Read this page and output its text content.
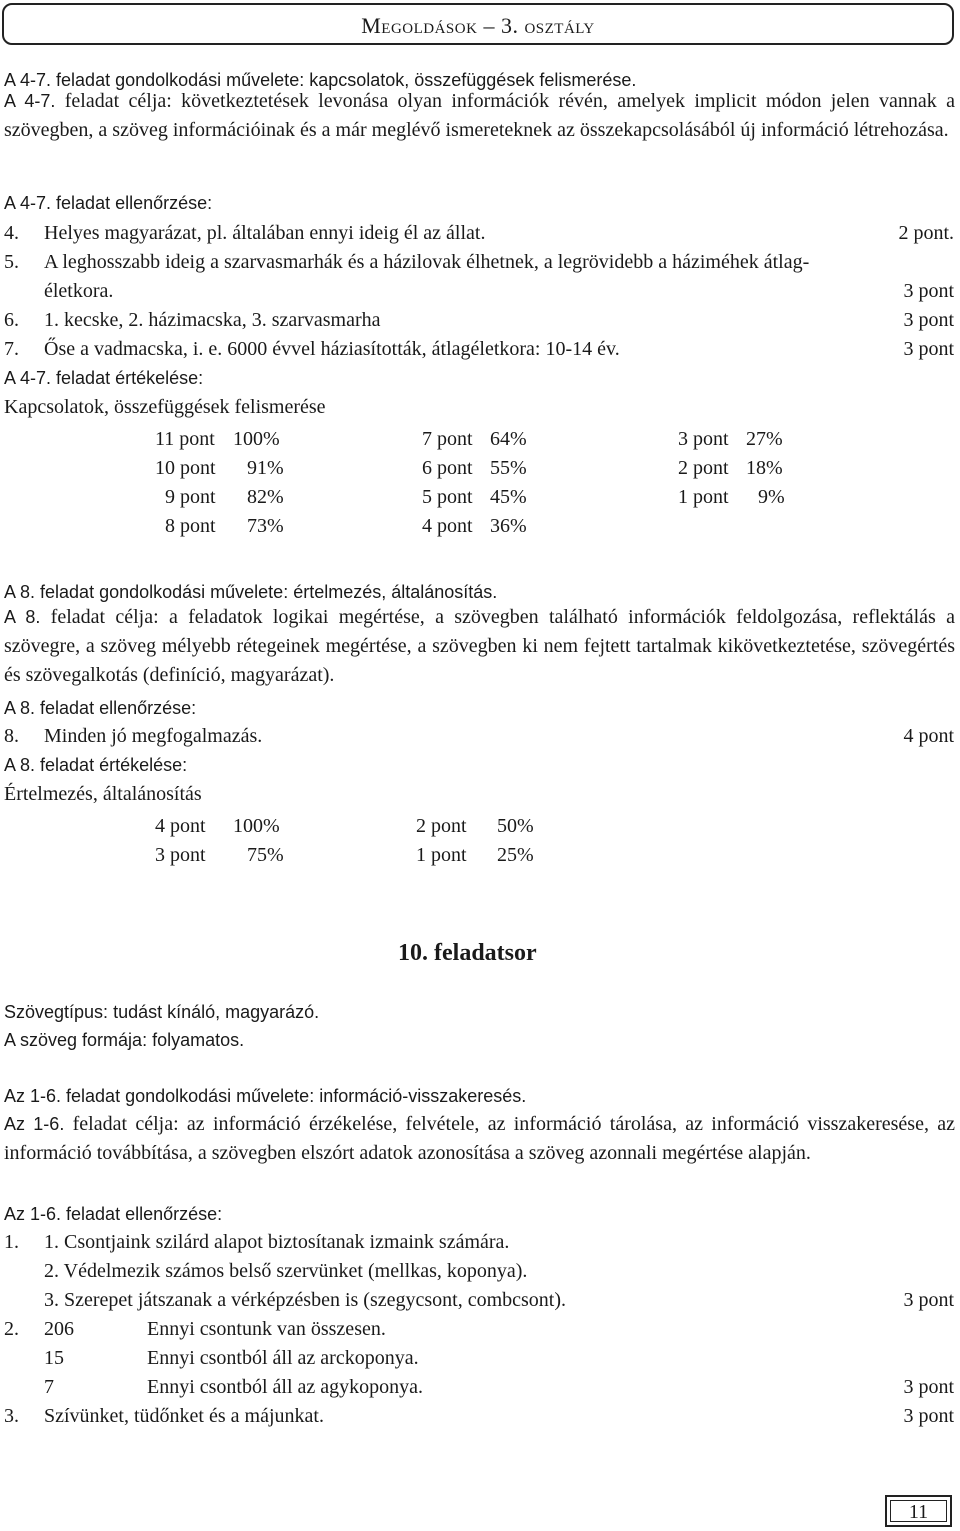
Megoldások – 3. osztály
A 4-7. feladat gondolkodási művelete: kapcsolatok, összefüggések felismerése.
A 4-7. feladat célja: következtetések levonása olyan információk révén, amelyek implicit módon jelen vannak a szövegben, a szöveg információinak és a már meglévő ismereteknek az összekapcsolásából új információ létrehozása.
A 4-7. feladat ellenőrzése:
4. Helyes magyarázat, pl. általában ennyi ideig él az állat.	2 pont.
5. A leghosszabb ideig a szarvasmarhák és a házilovak élhetnek, a legrövidebb a háziméhek átlag-
életkora.	3 pont
6. 1. kecske, 2. házimacska, 3. szarvasmarha	3 pont
7. Őse a vadmacska, i. e. 6000 évvel háziasították, átlagéletkora: 10-14 év.	3 pont
A 4-7. feladat értékelése:
Kapcsolatok, összefüggések felismerése
11 pont 100%
10 pont 91%
9 pont 82%
8 pont 73%
7 pont 64%
6 pont 55%
5 pont 45%
4 pont 36%
3 pont 27%
2 pont 18%
1 pont 9%
A 8. feladat gondolkodási művelete: értelmezés, általánosítás.
A 8. feladat célja: a feladatok logikai megértése, a szövegben található információk feldolgozása, reflektálás a szövegre, a szöveg mélyebb rétegeinek megértése, a szövegben ki nem fejtett tartalmak kikövetkeztetése, szövegértés és szövegalkotás (definíció, magyarázat).
A 8. feladat ellenőrzése:
8. Minden jó megfogalmazás.	4 pont
A 8. feladat értékelése:
Értelmezés, általánosítás
4 pont 100%
3 pont 75%
2 pont 50%
1 pont 25%
10. feladatsor
Szövegtípus: tudást kínáló, magyarázó.
A szöveg formája: folyamatos.
Az 1-6. feladat gondolkodási művelete: információ-visszakeresés.
Az 1-6. feladat célja: az információ érzékelése, felvétele, az információ tárolása, az információ visszakeresése, az információ továbbítása, a szövegben elszórt adatok azonosítása a szöveg azonnali megértése alapján.
Az 1-6. feladat ellenőrzése:
1. 1. Csontjaink szilárd alapot biztosítanak izmaink számára.
2. Védelmezik számos belső szervünket (mellkas, koponya).
3. Szerepet játszanak a vérképzésben is (szegycsont, combcsont).	3 pont
2. 206	Ennyi csontunk van összesen.
15	Ennyi csontból áll az arckoponya.
7	Ennyi csontból áll az agykoponya.	3 pont
3. Szívünket, tüdőnket és a májunkat.	3 pont
11
